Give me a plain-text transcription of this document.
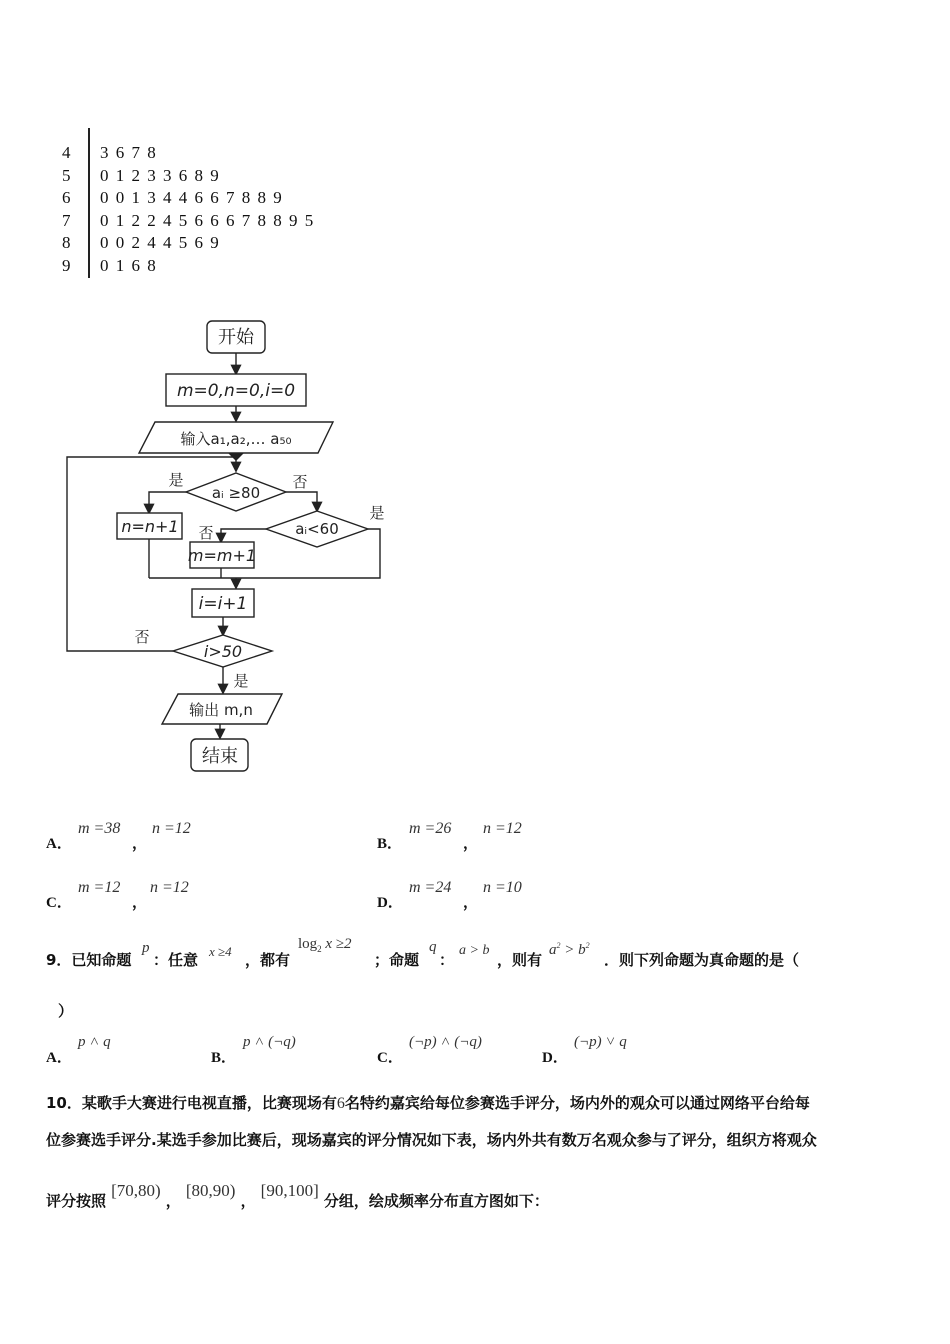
4 3 6 7 8
5 0 1 2 3 3 6 8 9
6 0 0 1 3 4 4 6 6 7 8 8 9
7 0 1 2 2 4 5 6 6 6 7 8 8 9 5
8 0 0 2 4 4 5 6 9
9 0 1 6 8
开始
m=0,n=0,i=0
输入a₁,a₂,… a₅₀
aᵢ ≥80
是	否
n=n+1	aᵢ<60
是
否
m=m+1
i=i+1
i>50
否
是
输出 m,n
结束
A．
m =38
，
n =12
B．
m =26
，
n =12
C．
m =12
，
n =12
D．
m =24
，
n =10
9．已知命题
p
：任意 x ≥4 ，都有
$\log_2 x \ge 2$
；命题
q
：
a > b
，则有
$a^2 > b^2$
．则下列命题为真命题的是（
）
A．
p ˄ q
B．
p ˄ (¬q)
C．
(¬p) ˄ (¬q)
D．
(¬p) ˅ q
10．某歌手大赛进行电视直播，比赛现场有6名特约嘉宾给每位参赛选手评分，场内外的观众可以通过网络平台给每
位参赛选手评分.某选手参加比赛后，现场嘉宾的评分情况如下表，场内外共有数万名观众参与了评分，组织方将观众
评分按照 [70,80) ， [80,90) ， [90,100] 分组，绘成频率分布直方图如下：
